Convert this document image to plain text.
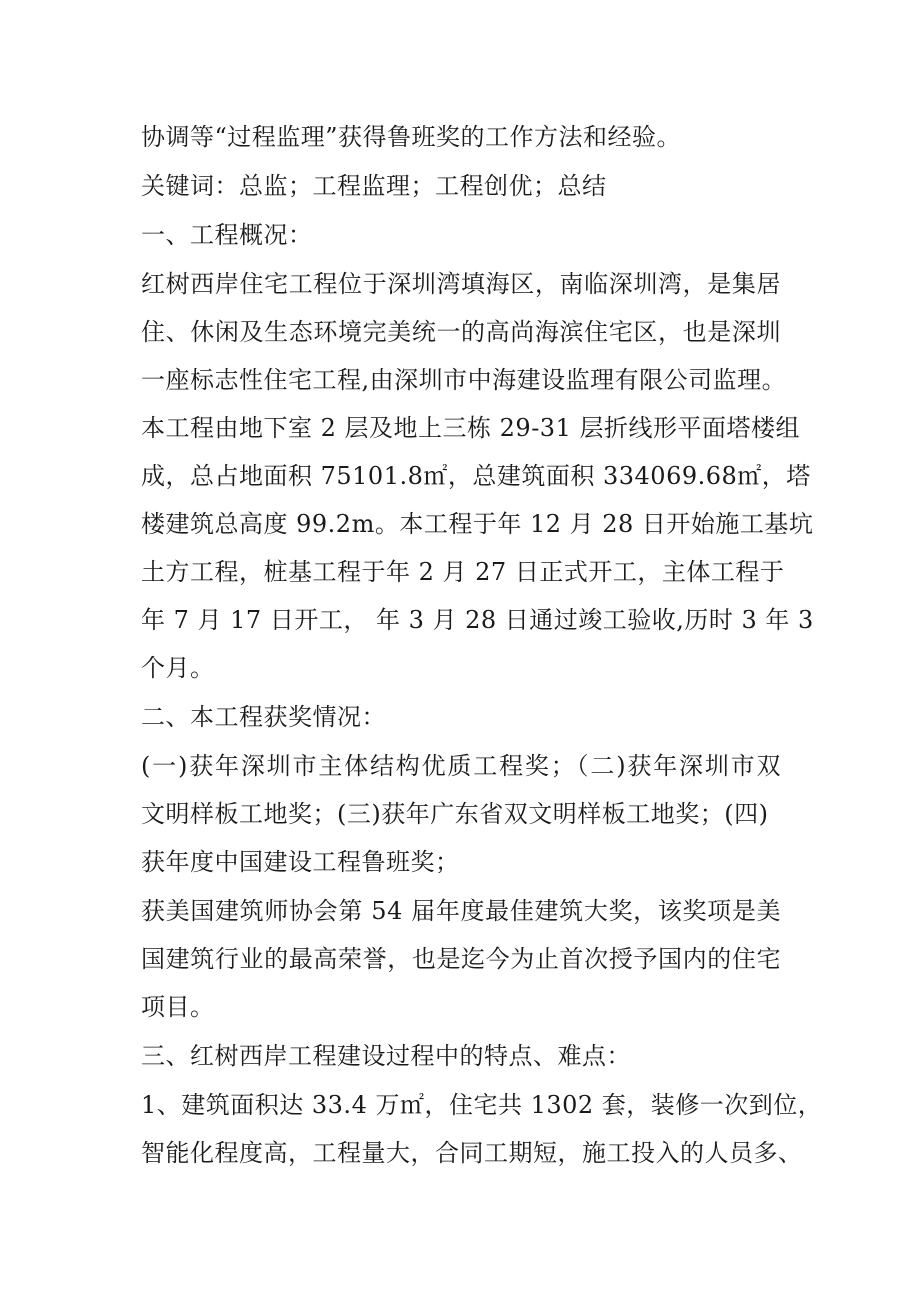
协调等“过程监理”获得鲁班奖的工作方法和经验。
关键词：总监；工程监理；工程创优；总结
一、工程概况：
红树西岸住宅工程位于深圳湾填海区，南临深圳湾，是集居
住、休闲及生态环境完美统一的高尚海滨住宅区，也是深圳
一座标志性住宅工程,由深圳市中海建设监理有限公司监理。
本工程由地下室 2 层及地上三栋 29-31 层折线形平面塔楼组
成，总占地面积 75101.8㎡，总建筑面积 334069.68㎡，塔
楼建筑总高度 99.2m。本工程于年 12 月 28 日开始施工基坑
土方工程，桩基工程于年 2 月 27 日正式开工，主体工程于
年 7 月 17 日开工， 年 3 月 28 日通过竣工验收,历时 3 年 3
个月。
二、本工程获奖情况：
(一)获年深圳市主体结构优质工程奖；（二)获年深圳市双
文明样板工地奖；(三)获年广东省双文明样板工地奖；(四)
获年度中国建设工程鲁班奖；
获美国建筑师协会第 54 届年度最佳建筑大奖，该奖项是美
国建筑行业的最高荣誉，也是迄今为止首次授予国内的住宅
项目。
三、红树西岸工程建设过程中的特点、难点：
1、建筑面积达 33.4 万㎡，住宅共 1302 套，装修一次到位，
智能化程度高，工程量大，合同工期短，施工投入的人员多、
